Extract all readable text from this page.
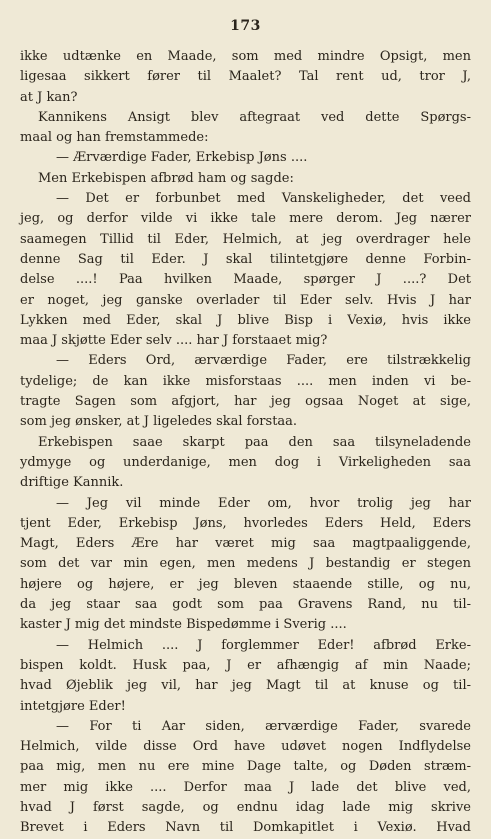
173
ikke udtænke en Maade, som med mindre Opsigt, men
ligesaa sikkert fører til Maalet? Tal rent ud, tror J,
at J kan?
Kannikens Ansigt blev aftegraat ved dette Spørgs-
maal og han fremstammede:
— Ærværdige Fader, Erkebisp Jøns ....
Men Erkebispen afbrød ham og sagde:
— Det er forbunbet med Vanskeligheder, det veed
jeg, og derfor vilde vi ikke tale mere derom. Jeg nærer
saamegen Tillid til Eder, Helmich, at jeg overdrager hele
denne Sag til Eder. J skal tilintetgjøre denne Forbin-
delse ....! Paa hvilken Maade, spørger J ....? Det
er noget, jeg ganske overlader til Eder selv. Hvis J har
Lykken med Eder, skal J blive Bisp i Vexiø, hvis ikke
maa J skjøtte Eder selv .... har J forstaaet mig?
— Eders Ord, ærværdige Fader, ere tilstrækkelig
tydelige; de kan ikke misforstaas .... men inden vi be-
tragte Sagen som afgjort, har jeg ogsaa Noget at sige,
som jeg ønsker, at J ligeledes skal forstaa.
Erkebispen saae skarpt paa den saa tilsyneladende
ydmyge og underdanige, men dog i Virkeligheden saa
driftige Kannik.
— Jeg vil minde Eder om, hvor trolig jeg har
tjent Eder, Erkebisp Jøns, hvorledes Eders Held, Eders
Magt, Eders Ære har været mig saa magtpaaliggende,
som det var min egen, men medens J bestandig er stegen
højere og højere, er jeg bleven staaende stille, og nu,
da jeg staar saa godt som paa Gravens Rand, nu til-
kaster J mig det mindste Bispedømme i Sverig ....
— Helmich .... J forglemmer Eder! afbrød Erke-
bispen koldt. Husk paa, J er afhængig af min Naade;
hvad Øjeblik jeg vil, har jeg Magt til at knuse og til-
intetgjøre Eder!
— For ti Aar siden, ærværdige Fader, svarede
Helmich, vilde disse Ord have udøvet nogen Indflydelse
paa mig, men nu ere mine Dage talte, og Døden stræm-
mer mig ikke .... Derfor maa J lade det blive ved,
hvad J først sagde, og endnu idag lade mig skrive
Brevet i Eders Navn til Domkapitlet i Vexiø. Hvad
